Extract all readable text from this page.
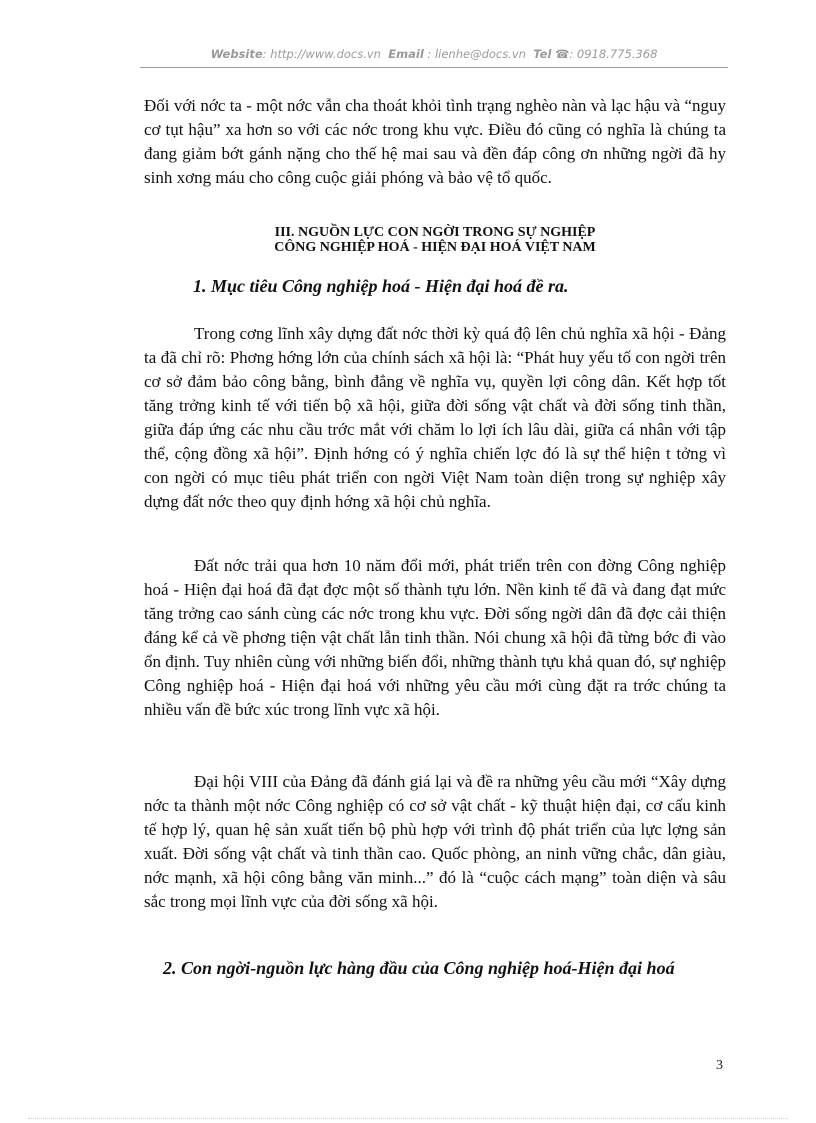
Website: http://www.docs.vn Email : lienhe@docs.vn Tel ☎: 0918.775.368

Đối với nớc ta - một nớc vẫn cha thoát khỏi tình trạng nghèo nàn và lạc hậu và “nguy cơ tụt hậu” xa hơn so với các nớc trong khu vực. Điều đó cũng có nghĩa là chúng ta đang giảm bớt gánh nặng cho thế hệ mai sau và đền đáp công ơn những ngời đã hy sinh xơng máu cho công cuộc giải phóng và bảo vệ tổ quốc.

III. NGUỒN LỰC CON NGỜI TRONG SỰ NGHIỆP
CÔNG NGHIỆP HOÁ - HIỆN ĐẠI HOÁ VIỆT NAM

1. Mục tiêu Công nghiệp hoá - Hiện đại hoá đề ra.

Trong cơng lĩnh xây dựng đất nớc thời kỳ quá độ lên chủ nghĩa xã hội - Đảng ta đã chỉ rõ: Phơng hớng lớn của chính sách xã hội là: “Phát huy yếu tố con ngời trên cơ sở đảm bảo công bằng, bình đẳng về nghĩa vụ, quyền lợi công dân. Kết hợp tốt tăng trởng kinh tế với tiến bộ xã hội, giữa đời sống vật chất và đời sống tinh thần, giữa đáp ứng các nhu cầu trớc mắt với chăm lo lợi ích lâu dài, giữa cá nhân với tập thể, cộng đồng xã hội”. Định hớng có ý nghĩa chiến lợc đó là sự thể hiện t tởng vì con ngời có mục tiêu phát triển con ngời Việt Nam toàn diện trong sự nghiệp xây dựng đất nớc theo quy định hớng xã hội chủ nghĩa.

Đất nớc trải qua hơn 10 năm đổi mới, phát triển trên con đờng Công nghiệp hoá - Hiện đại hoá đã đạt đợc một số thành tựu lớn. Nền kinh tế đã và đang đạt mức tăng trởng cao sánh cùng các nớc trong khu vực. Đời sống ngời dân đã đợc cải thiện đáng kể cả về phơng tiện vật chất lẫn tinh thần. Nói chung xã hội đã từng bớc đi vào ổn định. Tuy nhiên cùng với những biến đổi, những thành tựu khả quan đó, sự nghiệp Công nghiệp hoá - Hiện đại hoá với những yêu cầu mới cùng đặt ra trớc chúng ta nhiều vấn đề bức xúc trong lĩnh vực xã hội.

Đại hội VIII của Đảng đã đánh giá lại và đề ra những yêu cầu mới “Xây dựng nớc ta thành một nớc Công nghiệp có cơ sở vật chất - kỹ thuật hiện đại, cơ cấu kinh tế hợp lý, quan hệ sản xuất tiến bộ phù hợp với trình độ phát triển của lực lợng sản xuất. Đời sống vật chất và tinh thần cao. Quốc phòng, an ninh vững chắc, dân giàu, nớc mạnh, xã hội công bằng văn minh...” đó là “cuộc cách mạng” toàn diện và sâu sắc trong mọi lĩnh vực của đời sống xã hội.

2. Con ngời-nguồn lực hàng đầu của Công nghiệp hoá-Hiện đại hoá

3
